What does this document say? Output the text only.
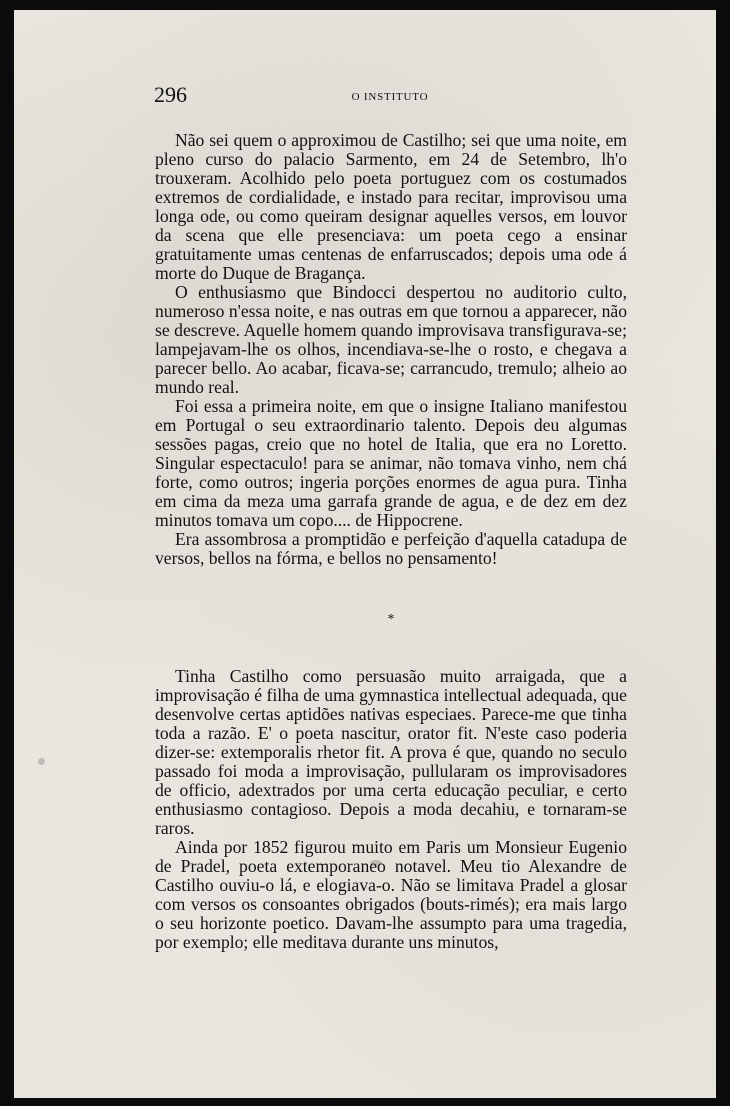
296	O INSTITUTO

Não sei quem o approximou de Castilho; sei que uma noite, em pleno curso do palacio Sarmento, em 24 de Setembro, lh'o trouxeram. Acolhido pelo poeta portuguez com os costumados extremos de cordialidade, e instado para recitar, improvisou uma longa ode, ou como queiram designar aquelles versos, em louvor da scena que elle presenciava: um poeta cego a ensinar gratuitamente umas centenas de enfarruscados; depois uma ode á morte do Duque de Bragança.

O enthusiasmo que Bindocci despertou no auditorio culto, numeroso n'essa noite, e nas outras em que tornou a apparecer, não se descreve. Aquelle homem quando improvisava transfigurava-se; lampejavam-lhe os olhos, incendiava-se-lhe o rosto, e chegava a parecer bello. Ao acabar, ficava-se; carrancudo, tremulo; alheio ao mundo real.

Foi essa a primeira noite, em que o insigne Italiano manifestou em Portugal o seu extraordinario talento. Depois deu algumas sessões pagas, creio que no hotel de Italia, que era no Loretto. Singular espectaculo! para se animar, não tomava vinho, nem chá forte, como outros; ingeria porções enormes de agua pura. Tinha em cima da meza uma garrafa grande de agua, e de dez em dez minutos tomava um copo.... de Hippocrene.

Era assombrosa a promptidão e perfeição d'aquella catadupa de versos, bellos na fórma, e bellos no pensamento!

*

Tinha Castilho como persuasão muito arraigada, que a improvisação é filha de uma gymnastica intellectual adequada, que desenvolve certas aptidões nativas especiaes. Parece-me que tinha toda a razão. E' o poeta nascitur, orator fit. N'este caso poderia dizer-se: extemporalis rhetor fit. A prova é que, quando no seculo passado foi moda a improvisação, pullularam os improvisadores de officio, adextrados por uma certa educação peculiar, e certo enthusiasmo contagioso. Depois a moda decahiu, e tornaram-se raros.

Ainda por 1852 figurou muito em Paris um Monsieur Eugenio de Pradel, poeta extemporaneo notavel. Meu tio Alexandre de Castilho ouviu-o lá, e elogiava-o. Não se limitava Pradel a glosar com versos os consoantes obrigados (bouts-rimés); era mais largo o seu horizonte poetico. Davam-lhe assumpto para uma tragedia, por exemplo; elle meditava durante uns minutos,
